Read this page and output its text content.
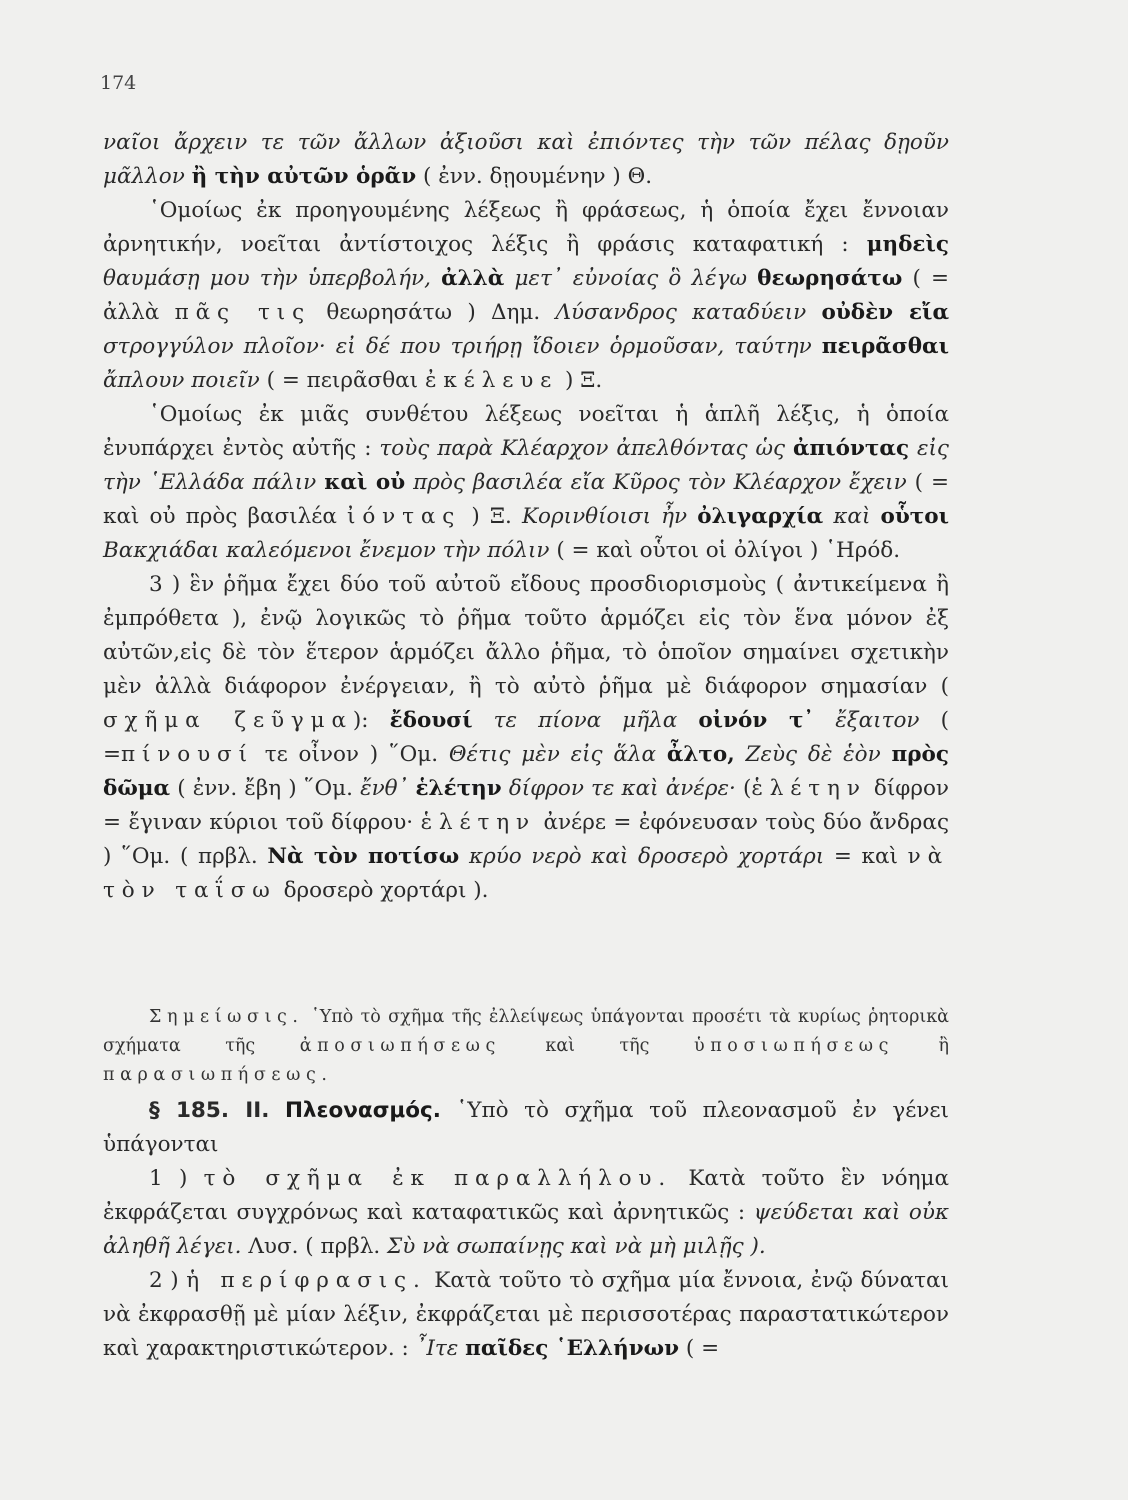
174

ναῖοι ἄρχειν τε τῶν ἄλλων ἀξιοῦσι καὶ ἐπιόντες τὴν τῶν πέλας δῃοῦν μᾶλλον ἢ τὴν αὐτῶν ὁρᾶν ( ἐνν. δῃουμένην ) Θ.

῾Ομοίως ἐκ προηγουμένης λέξεως ἢ φράσεως, ἡ ὁποία ἔχει ἔννοιαν ἀρνητικήν, νοεῖται ἀντίστοιχος λέξις ἢ φράσις καταφατική : μηδεὶς θαυμάσῃ μου τὴν ὑπερβολήν, ἀλλὰ μετ᾽ εὐνοίας ὃ λέγω θεωρησάτω ( = ἀλλὰ πᾶς τις θεωρησάτω ) Δημ. Λύσανδρος καταδύειν οὐδὲν εἴα στρογγύλον πλοῖον· εἰ δέ που τριήρῃ ἴδοιεν ὁρμοῦσαν, ταύτην πειρᾶσθαι ἄπλουν ποιεῖν ( = πειρᾶσθαι ἐκέλευε ) Ξ.

῾Ομοίως ἐκ μιᾶς συνθέτου λέξεως νοεῖται ἡ ἁπλῆ λέξις, ἡ ὁποία ἐνυπάρχει ἐντὸς αὐτῆς : τοὺς παρὰ Κλέαρχον ἀπελθόντας ὡς ἀπιόντας εἰς τὴν ῾Ελλάδα πάλιν καὶ οὐ πρὸς βασιλέα εἴα Κῦρος τὸν Κλέαρχον ἔχειν ( = καὶ οὐ πρὸς βασιλέα ἰόντας ) Ξ. Κορινθίοισι ἦν ὀλιγαρχία καὶ οὗτοι Βακχιάδαι καλεόμενοι ἔνεμον τὴν πόλιν ( = καὶ οὗτοι οἱ ὀλίγοι ) ῾Ηρόδ.

3 ) ἓν ῥῆμα ἔχει δύο τοῦ αὐτοῦ εἴδους προσδιορισμοὺς ( ἀντικείμενα ἢ ἐμπρόθετα ), ἐνῷ λογικῶς τὸ ῥῆμα τοῦτο ἁρμόζει εἰς τὸν ἕνα μόνον ἐξ αὐτῶν,εἰς δὲ τὸν ἕτερον ἁρμόζει ἄλλο ῥῆμα, τὸ ὁποῖον σημαίνει σχετικὴν μὲν ἀλλὰ διάφορον ἐνέργειαν, ἢ τὸ αὐτὸ ῥῆμα μὲ διάφορον σημασίαν ( σχῆμα ζεῦγμα): ἔδουσί τε πίονα μῆλα οἰνόν τ᾽ ἔξαιτον ( =πίνουσί τε οἶνον ) ῞Ομ. Θέτις μὲν εἰς ἅλα ἆλτο, Ζεὺς δὲ ἑὸν πρὸς δῶμα ( ἐνν. ἔβη ) ῞Ομ. ἔνθ᾽ ἑλέτην δίφρον τε καὶ ἀνέρε· (ἑλέτην δίφρον = ἔγιναν κύριοι τοῦ δίφρου· ἑλέτην ἀνέρε = ἐφόνευσαν τοὺς δύο ἄνδρας ) ῞Ομ. ( πρβλ. Νὰ τὸν ποτίσω κρύο νερὸ καὶ δροσερὸ χορτάρι = καὶ νὰ τὸν ταΐσω δροσερὸ χορτάρι ).

Σημείωσις. ῾Υπὸ τὸ σχῆμα τῆς ἐλλείψεως ὑπάγονται προσέτι τὰ κυρίως ῥητορικὰ σχήματα τῆς	ἀποσιωπήσεως	καὶ τῆς	ὑποσιωπήσεως	ἢ παρασιωπήσεως.

§ 185. II. Πλεονασμός. ῾Υπὸ τὸ σχῆμα τοῦ πλεονασμοῦ ἐν γένει ὑπάγονται

1 ) τὸ σχῆμα ἐκ παραλλήλου. Κατὰ τοῦτο ἓν νόημα ἐκφράζεται συγχρόνως καὶ καταφατικῶς καὶ ἀρνητικῶς : ψεύδεται καὶ οὐκ ἀληθῆ λέγει. Λυσ. ( πρβλ. Σὺ νὰ σωπαίνῃς καὶ νὰ μὴ μιλῇς ).

2 ) ἡ περίφρασις. Κατὰ τοῦτο τὸ σχῆμα μία ἔννοια, ἐνῷ δύναται νὰ ἐκφρασθῇ μὲ μίαν λέξιν, ἐκφράζεται μὲ περισσοτέρας παραστατικώτερον καὶ χαρακτηριστικώτερον. : ῏Ιτε παῖδες ῾Ελλήνων ( =
